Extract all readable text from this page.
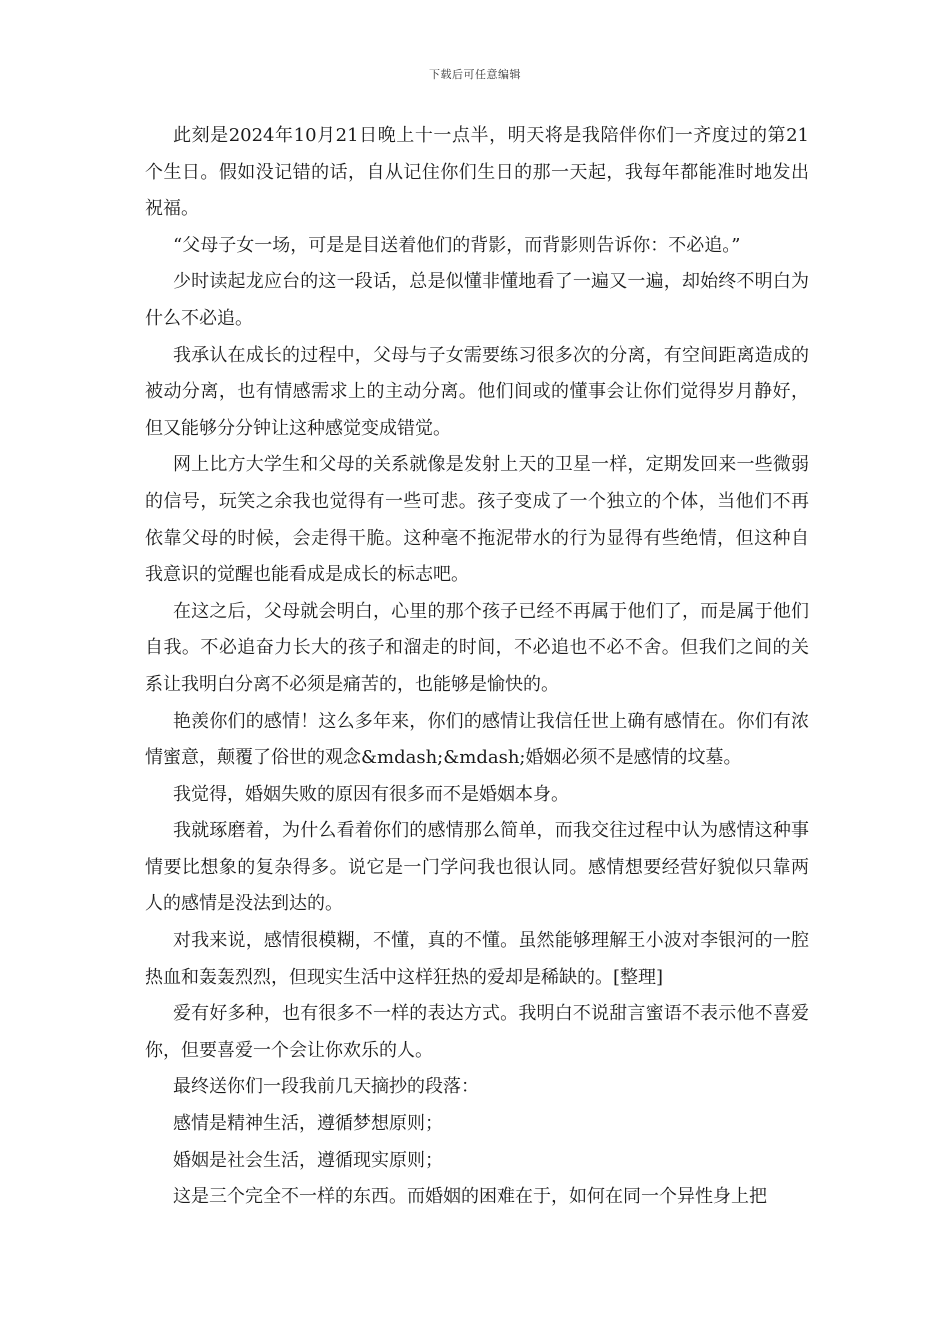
下载后可任意编辑

此刻是2024年10月21日晚上十一点半，明天将是我陪伴你们一齐度过的第21个生日。假如没记错的话，自从记住你们生日的那一天起，我每年都能准时地发出祝福。

“父母子女一场，可是是目送着他们的背影，而背影则告诉你：不必追。”

少时读起龙应台的这一段话，总是似懂非懂地看了一遍又一遍，却始终不明白为什么不必追。

我承认在成长的过程中，父母与子女需要练习很多次的分离，有空间距离造成的被动分离，也有情感需求上的主动分离。他们间或的懂事会让你们觉得岁月静好，但又能够分分钟让这种感觉变成错觉。

网上比方大学生和父母的关系就像是发射上天的卫星一样，定期发回来一些微弱的信号，玩笑之余我也觉得有一些可悲。孩子变成了一个独立的个体，当他们不再依靠父母的时候，会走得干脆。这种毫不拖泥带水的行为显得有些绝情，但这种自我意识的觉醒也能看成是成长的标志吧。

在这之后，父母就会明白，心里的那个孩子已经不再属于他们了，而是属于他们自我。不必追奋力长大的孩子和溜走的时间，不必追也不必不舍。但我们之间的关系让我明白分离不必须是痛苦的，也能够是愉快的。

艳羡你们的感情！这么多年来，你们的感情让我信任世上确有感情在。你们有浓情蜜意，颠覆了俗世的观念&mdash;&mdash;婚姻必须不是感情的坟墓。

我觉得，婚姻失败的原因有很多而不是婚姻本身。

我就琢磨着，为什么看着你们的感情那么简单，而我交往过程中认为感情这种事情要比想象的复杂得多。说它是一门学问我也很认同。感情想要经营好貌似只靠两人的感情是没法到达的。

对我来说，感情很模糊，不懂，真的不懂。虽然能够理解王小波对李银河的一腔热血和轰轰烈烈，但现实生活中这样狂热的爱却是稀缺的。[整理]

爱有好多种，也有很多不一样的表达方式。我明白不说甜言蜜语不表示他不喜爱你，但要喜爱一个会让你欢乐的人。

最终送你们一段我前几天摘抄的段落：

感情是精神生活，遵循梦想原则；

婚姻是社会生活，遵循现实原则；

这是三个完全不一样的东西。而婚姻的困难在于，如何在同一个异性身上把
